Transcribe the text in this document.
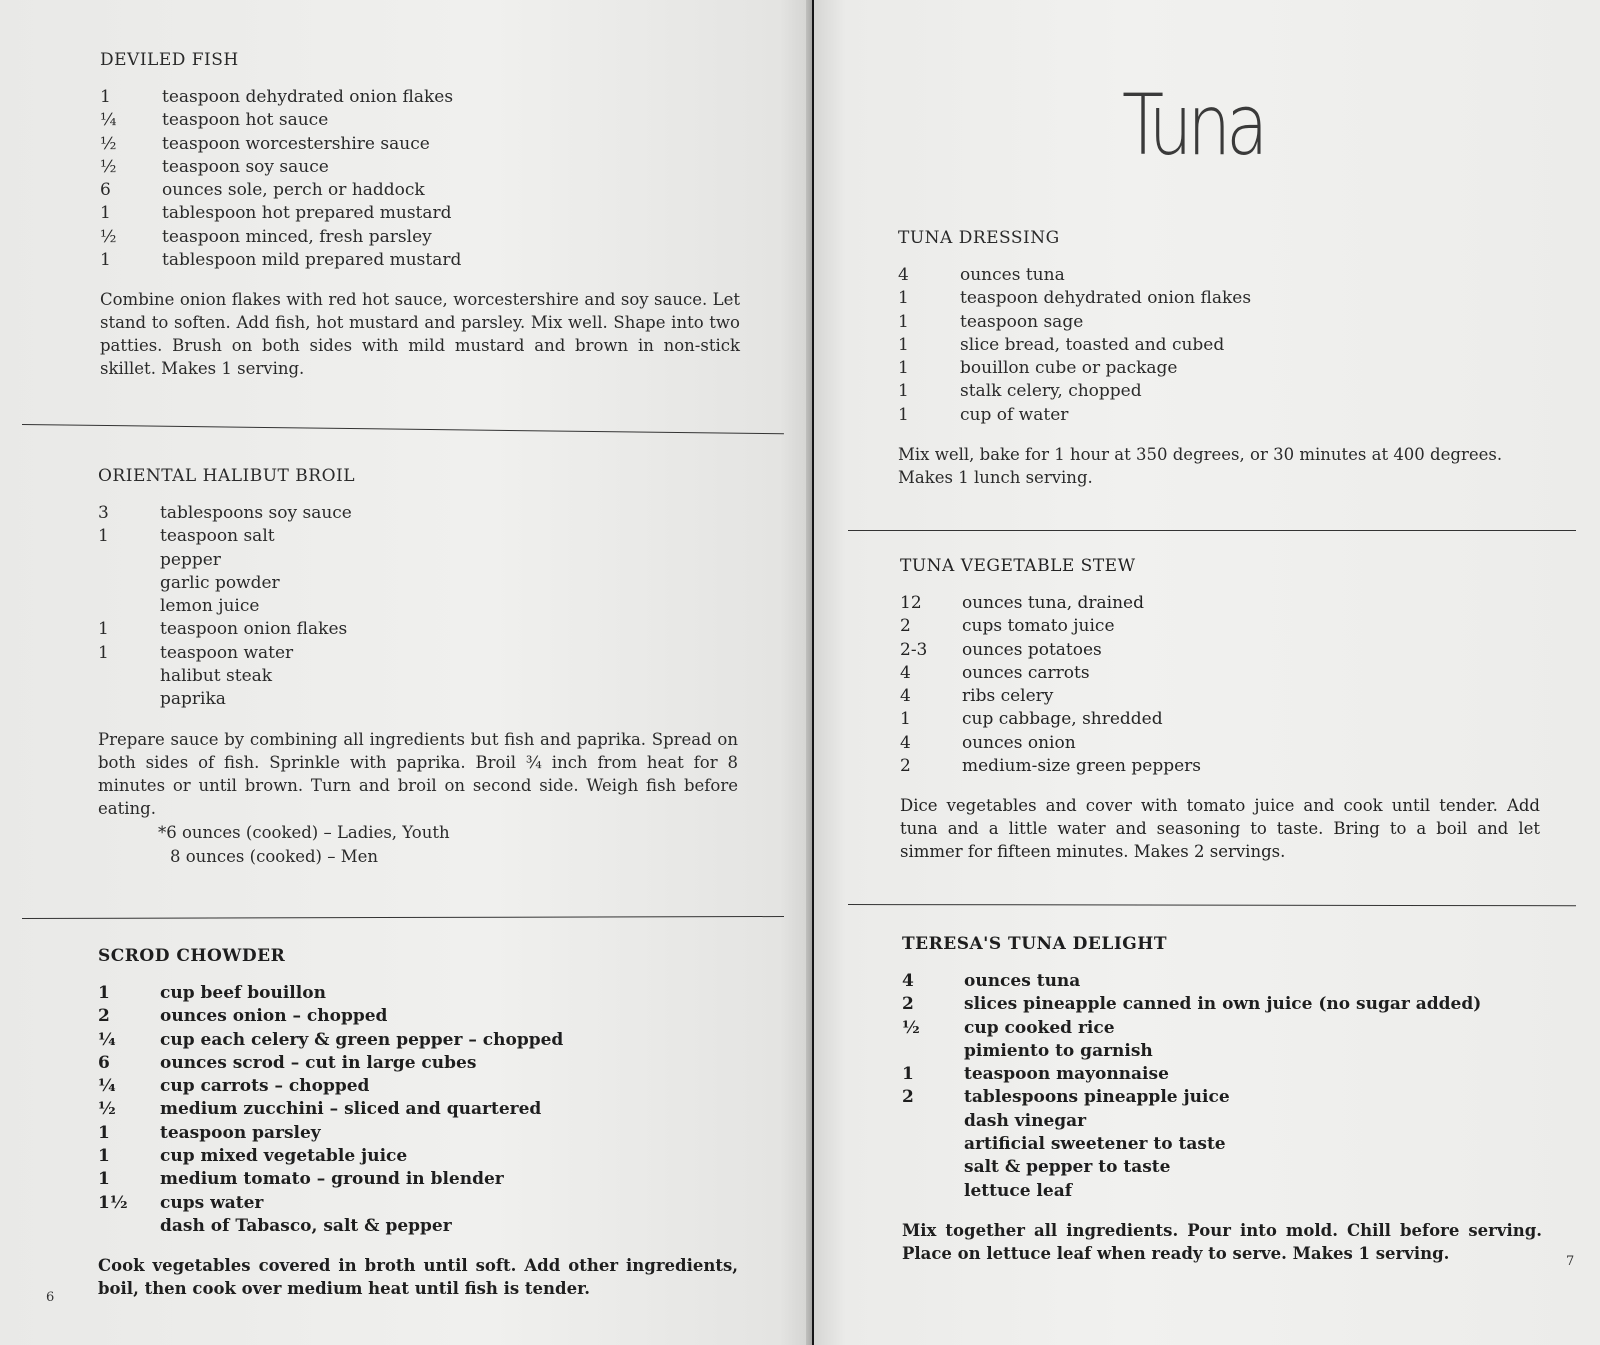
DEVILED FISH
1	teaspoon dehydrated onion flakes
¼	teaspoon hot sauce
½	teaspoon worcestershire sauce
½	teaspoon soy sauce
6	ounces sole, perch or haddock
1	tablespoon hot prepared mustard
½	teaspoon minced, fresh parsley
1	tablespoon mild prepared mustard

Combine onion flakes with red hot sauce, worcestershire and soy sauce. Let stand to soften. Add fish, hot mustard and parsley. Mix well. Shape into two patties. Brush on both sides with mild mustard and brown in non-stick skillet. Makes 1 serving.

ORIENTAL HALIBUT BROIL
3	tablespoons soy sauce
1	teaspoon salt
pepper
garlic powder
lemon juice
1	teaspoon onion flakes
1	teaspoon water
halibut steak
paprika

Prepare sauce by combining all ingredients but fish and paprika. Spread on both sides of fish. Sprinkle with paprika. Broil ¾ inch from heat for 8 minutes or until brown. Turn and broil on second side. Weigh fish before eating.

*6 ounces (cooked) – Ladies, Youth

8 ounces (cooked) – Men

SCROD CHOWDER
1	cup beef bouillon
2	ounces onion – chopped
¼	cup each celery & green pepper – chopped
6	ounces scrod – cut in large cubes
¼	cup carrots – chopped
½	medium zucchini – sliced and quartered
1	teaspoon parsley
1	cup mixed vegetable juice
1	medium tomato – ground in blender
1½	cups water
dash of Tabasco, salt & pepper

Cook vegetables covered in broth until soft. Add other ingredients, boil, then cook over medium heat until fish is tender.

6
Tuna
TUNA DRESSING
4	ounces tuna
1	teaspoon dehydrated onion flakes
1	teaspoon sage
1	slice bread, toasted and cubed
1	bouillon cube or package
1	stalk celery, chopped
1	cup of water

Mix well, bake for 1 hour at 350 degrees, or 30 minutes at 400 degrees. Makes 1 lunch serving.

TUNA VEGETABLE STEW
12	ounces tuna, drained
2	cups tomato juice
2-3	ounces potatoes
4	ounces carrots
4	ribs celery
1	cup cabbage, shredded
4	ounces onion
2	medium-size green peppers

Dice vegetables and cover with tomato juice and cook until tender. Add tuna and a little water and seasoning to taste. Bring to a boil and let simmer for fifteen minutes. Makes 2 servings.

TERESA'S TUNA DELIGHT
4	ounces tuna
2	slices pineapple canned in own juice (no sugar added)
½	cup cooked rice
pimiento to garnish
1	teaspoon mayonnaise
2	tablespoons pineapple juice
dash vinegar
artificial sweetener to taste
salt & pepper to taste
lettuce leaf

Mix together all ingredients. Pour into mold. Chill before serving. Place on lettuce leaf when ready to serve. Makes 1 serving.	7
